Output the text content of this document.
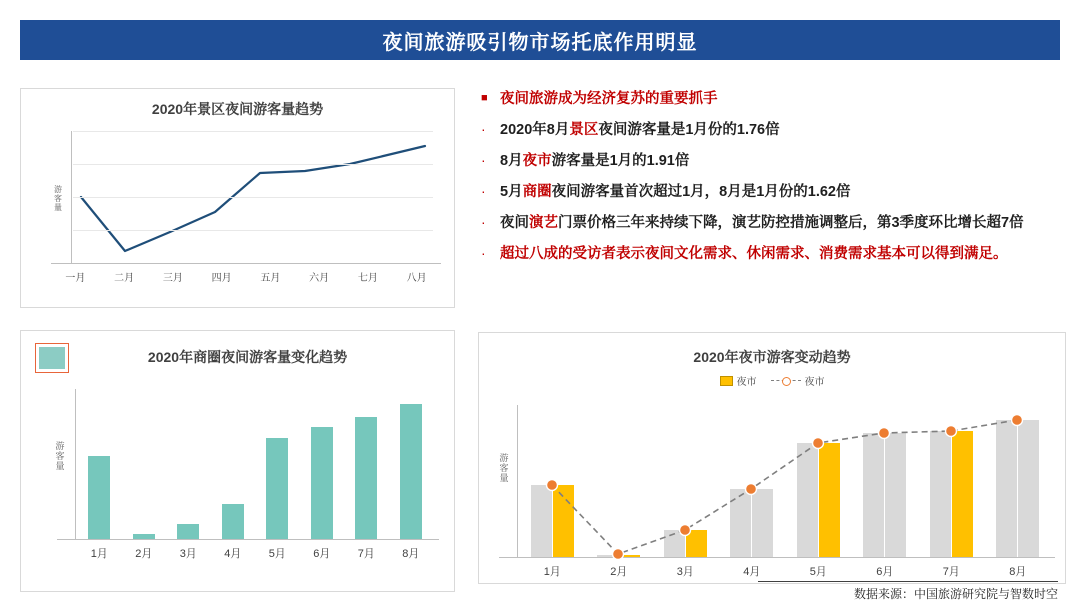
夜间旅游吸引物市场托底作用明显
2020年景区夜间游客量趋势
游客量
一月	二月	三月	四月	五月	六月	七月	八月
2020年商圈夜间游客量变化趋势
游客量
1月	2月	3月	4月	5月	6月	7月	8月
■ 夜间旅游成为经济复苏的重要抓手
· 2020年8月景区夜间游客量是1月份的1.76倍
· 8月夜市游客量是1月的1.91倍
· 5月商圈夜间游客量首次超过1月，8月是1月份的1.62倍
· 夜间演艺门票价格三年来持续下降，演艺防控措施调整后，第3季度环比增长超7倍
· 超过八成的受访者表示夜间文化需求、休闲需求、消费需求基本可以得到满足。
2020年夜市游客变动趋势
夜市	夜市
游客量
1月	2月	3月	4月	5月	6月	7月	8月
数据来源：中国旅游研究院与智数时空
